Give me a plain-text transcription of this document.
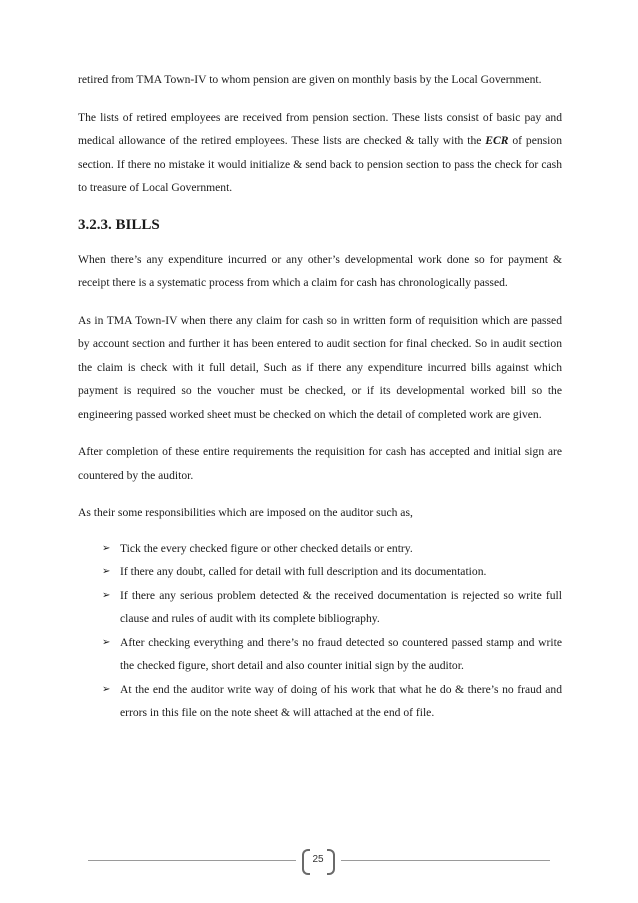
retired from TMA Town-IV to whom pension are given on monthly basis by the Local Government.

The lists of retired employees are received from pension section. These lists consist of basic pay and medical allowance of the retired employees. These lists are checked & tally with the ECR of pension section. If there no mistake it would initialize & send back to pension section to pass the check for cash to treasure of Local Government.

3.2.3. BILLS

When there’s any expenditure incurred or any other’s developmental work done so for payment & receipt there is a systematic process from which a claim for cash has chronologically passed.

As in TMA Town-IV when there any claim for cash so in written form of requisition which are passed by account section and further it has been entered to audit section for final checked. So in audit section the claim is check with it full detail, Such as if there any expenditure incurred bills against which payment is required so the voucher must be checked, or if its developmental worked bill so the engineering passed worked sheet must be checked on which the detail of completed work are given.

After completion of these entire requirements the requisition for cash has accepted and initial sign are countered by the auditor.

As their some responsibilities which are imposed on the auditor such as,

➢ Tick the every checked figure or other checked details or entry.
➢ If there any doubt, called for detail with full description and its documentation.
➢ If there any serious problem detected & the received documentation is rejected so write full clause and rules of audit with its complete bibliography.
➢ After checking everything and there’s no fraud detected so countered passed stamp and write the checked figure, short detail and also counter initial sign by the auditor.
➢ At the end the auditor write way of doing of his work that what he do & there’s no fraud and errors in this file on the note sheet & will attached at the end of file.
25
